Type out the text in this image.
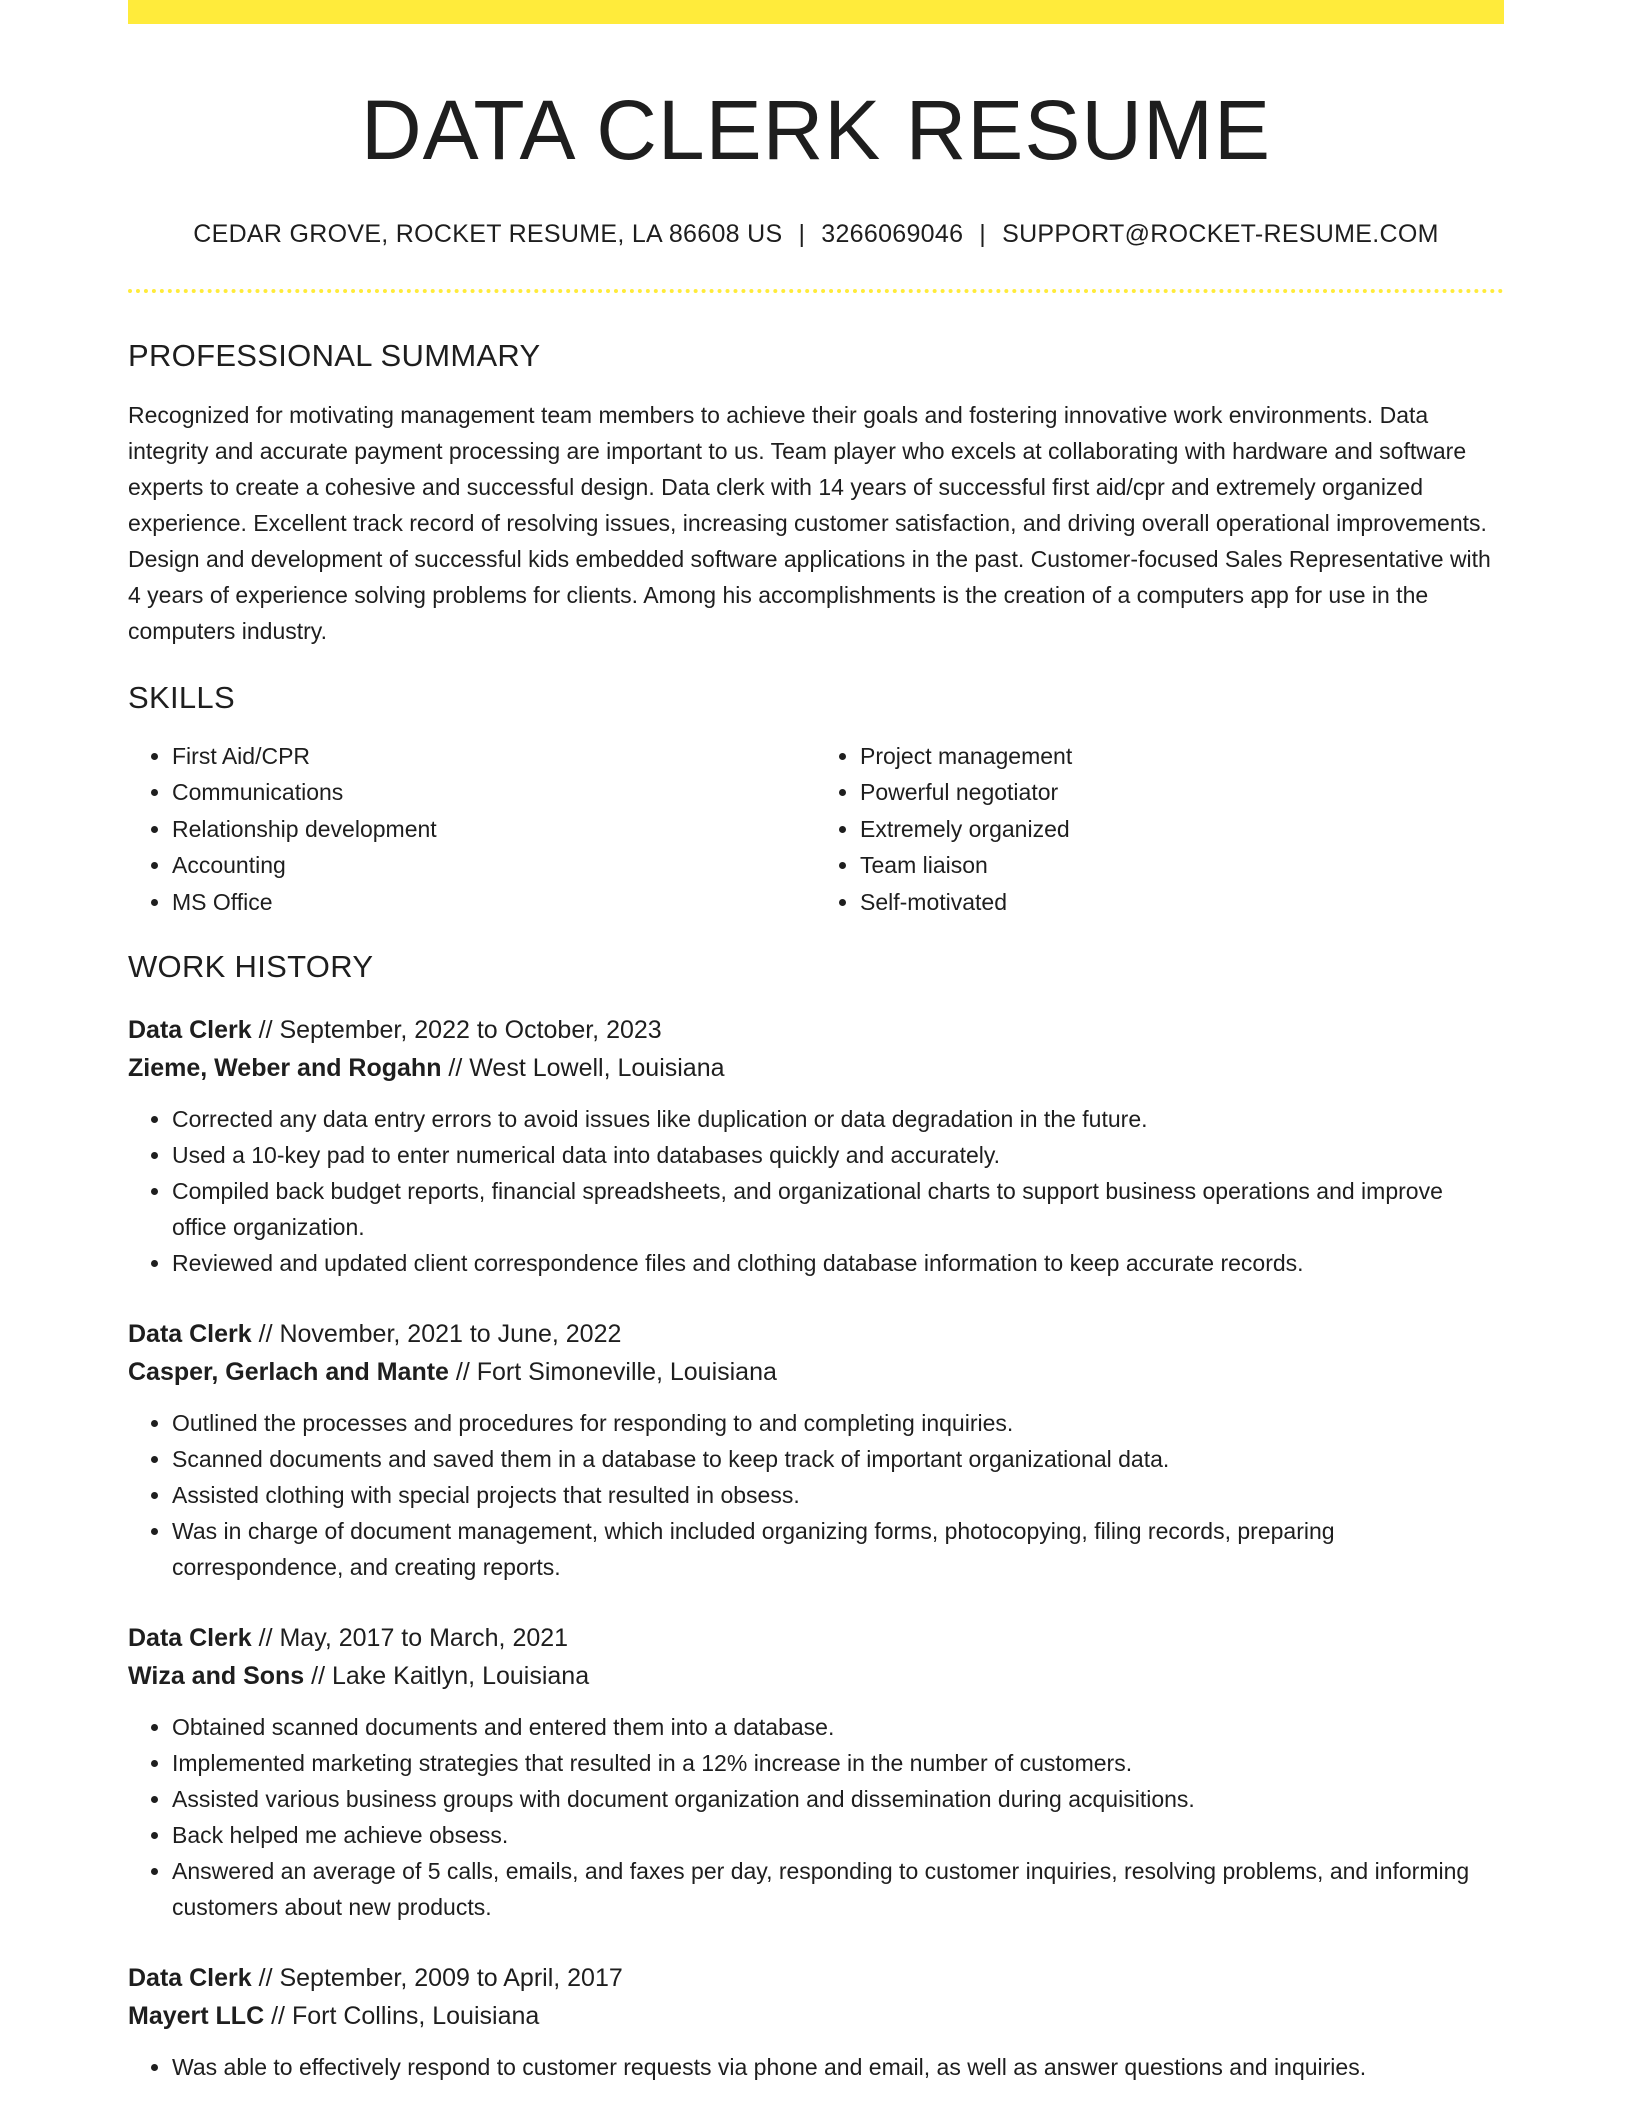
DATA CLERK RESUME
CEDAR GROVE, ROCKET RESUME, LA 86608 US | 3266069046 | SUPPORT@ROCKET-RESUME.COM
PROFESSIONAL SUMMARY
Recognized for motivating management team members to achieve their goals and fostering innovative work environments. Data integrity and accurate payment processing are important to us. Team player who excels at collaborating with hardware and software experts to create a cohesive and successful design. Data clerk with 14 years of successful first aid/cpr and extremely organized experience. Excellent track record of resolving issues, increasing customer satisfaction, and driving overall operational improvements. Design and development of successful kids embedded software applications in the past. Customer-focused Sales Representative with 4 years of experience solving problems for clients. Among his accomplishments is the creation of a computers app for use in the computers industry.
SKILLS
• First Aid/CPR
• Communications
• Relationship development
• Accounting
• MS Office
• Project management
• Powerful negotiator
• Extremely organized
• Team liaison
• Self-motivated
WORK HISTORY
Data Clerk // September, 2022 to October, 2023
Zieme, Weber and Rogahn // West Lowell, Louisiana
• Corrected any data entry errors to avoid issues like duplication or data degradation in the future.
• Used a 10-key pad to enter numerical data into databases quickly and accurately.
• Compiled back budget reports, financial spreadsheets, and organizational charts to support business operations and improve office organization.
• Reviewed and updated client correspondence files and clothing database information to keep accurate records.
Data Clerk // November, 2021 to June, 2022
Casper, Gerlach and Mante // Fort Simoneville, Louisiana
• Outlined the processes and procedures for responding to and completing inquiries.
• Scanned documents and saved them in a database to keep track of important organizational data.
• Assisted clothing with special projects that resulted in obsess.
• Was in charge of document management, which included organizing forms, photocopying, filing records, preparing correspondence, and creating reports.
Data Clerk // May, 2017 to March, 2021
Wiza and Sons // Lake Kaitlyn, Louisiana
• Obtained scanned documents and entered them into a database.
• Implemented marketing strategies that resulted in a 12% increase in the number of customers.
• Assisted various business groups with document organization and dissemination during acquisitions.
• Back helped me achieve obsess.
• Answered an average of 5 calls, emails, and faxes per day, responding to customer inquiries, resolving problems, and informing customers about new products.
Data Clerk // September, 2009 to April, 2017
Mayert LLC // Fort Collins, Louisiana
• Was able to effectively respond to customer requests via phone and email, as well as answer questions and inquiries.
